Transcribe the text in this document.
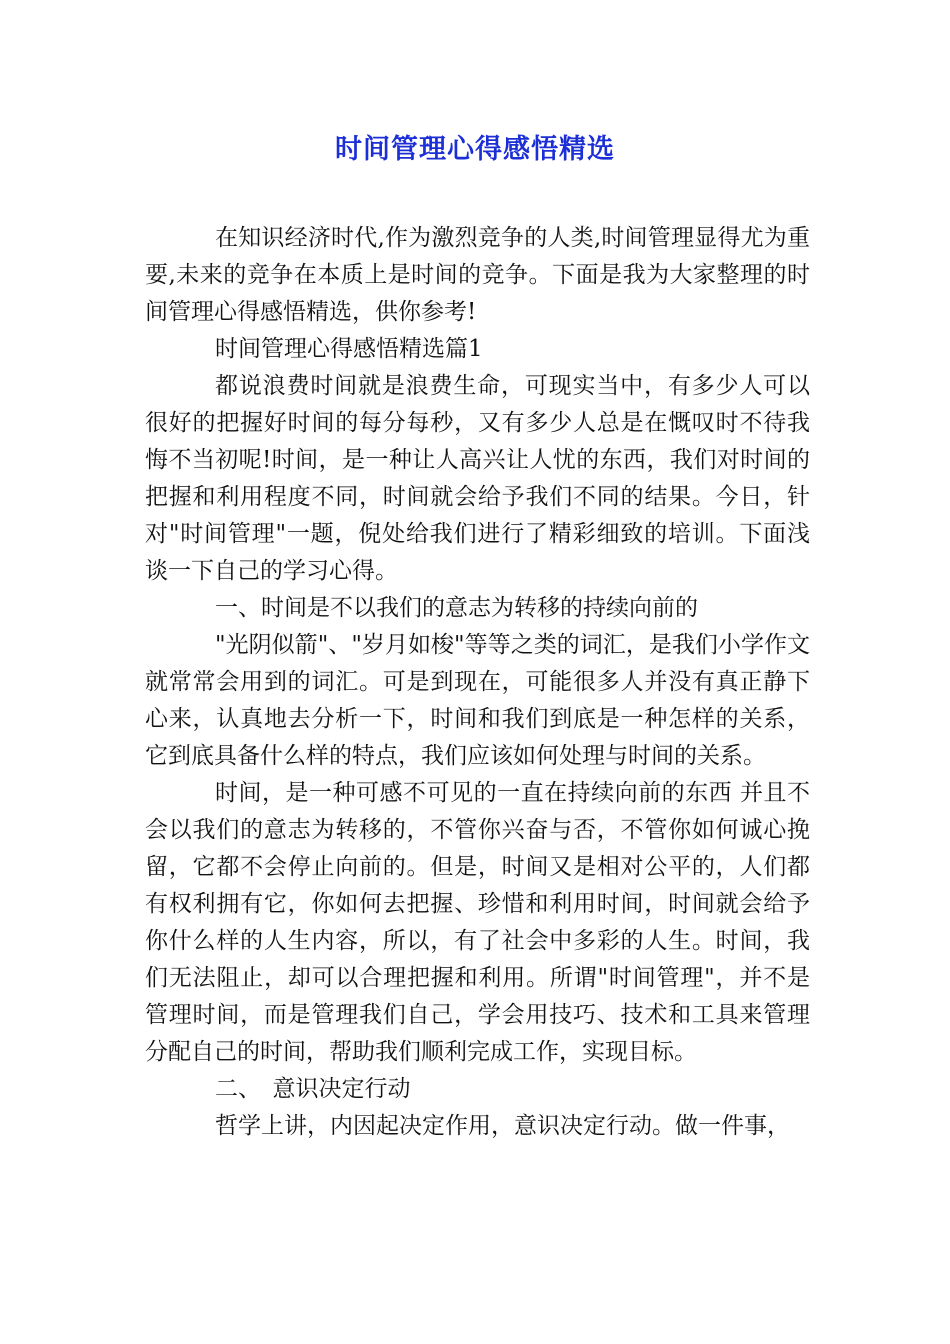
时间管理心得感悟精选

在知识经济时代,作为激烈竞争的人类,时间管理显得尤为重要,未来的竞争在本质上是时间的竞争。下面是我为大家整理的时间管理心得感悟精选，供你参考!

时间管理心得感悟精选篇1

都说浪费时间就是浪费生命，可现实当中，有多少人可以很好的把握好时间的每分每秒，又有多少人总是在慨叹时不待我悔不当初呢!时间，是一种让人高兴让人忧的东西，我们对时间的把握和利用程度不同，时间就会给予我们不同的结果。今日，针对"时间管理"一题，倪处给我们进行了精彩细致的培训。下面浅谈一下自己的学习心得。

一、时间是不以我们的意志为转移的持续向前的

"光阴似箭"、"岁月如梭"等等之类的词汇，是我们小学作文就常常会用到的词汇。可是到现在，可能很多人并没有真正静下心来，认真地去分析一下，时间和我们到底是一种怎样的关系，它到底具备什么样的特点，我们应该如何处理与时间的关系。

时间，是一种可感不可见的一直在持续向前的东西 并且不会以我们的意志为转移的，不管你兴奋与否，不管你如何诚心挽留，它都不会停止向前的。但是，时间又是相对公平的，人们都有权利拥有它，你如何去把握、珍惜和利用时间，时间就会给予你什么样的人生内容，所以，有了社会中多彩的人生。时间，我们无法阻止，却可以合理把握和利用。所谓"时间管理"，并不是管理时间，而是管理我们自己，学会用技巧、技术和工具来管理分配自己的时间，帮助我们顺利完成工作，实现目标。

二、　意识决定行动

哲学上讲，内因起决定作用，意识决定行动。做一件事，
